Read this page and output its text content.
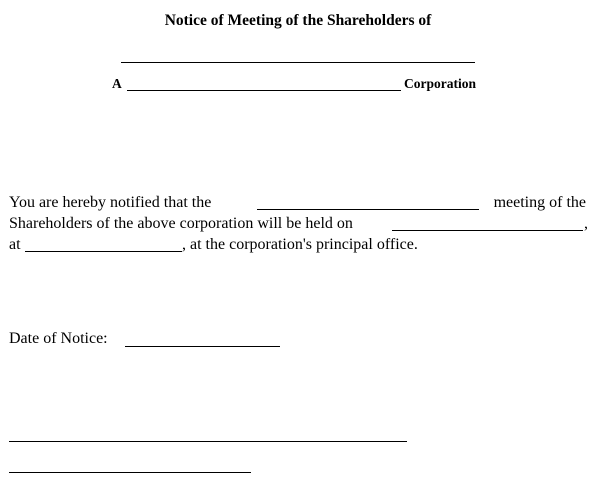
Notice of Meeting of the Shareholders of
A	Corporation
You are hereby notified that the	meeting of the
Shareholders of the above corporation will be held on	,
at	, at the corporation's principal office.
Date of Notice:
